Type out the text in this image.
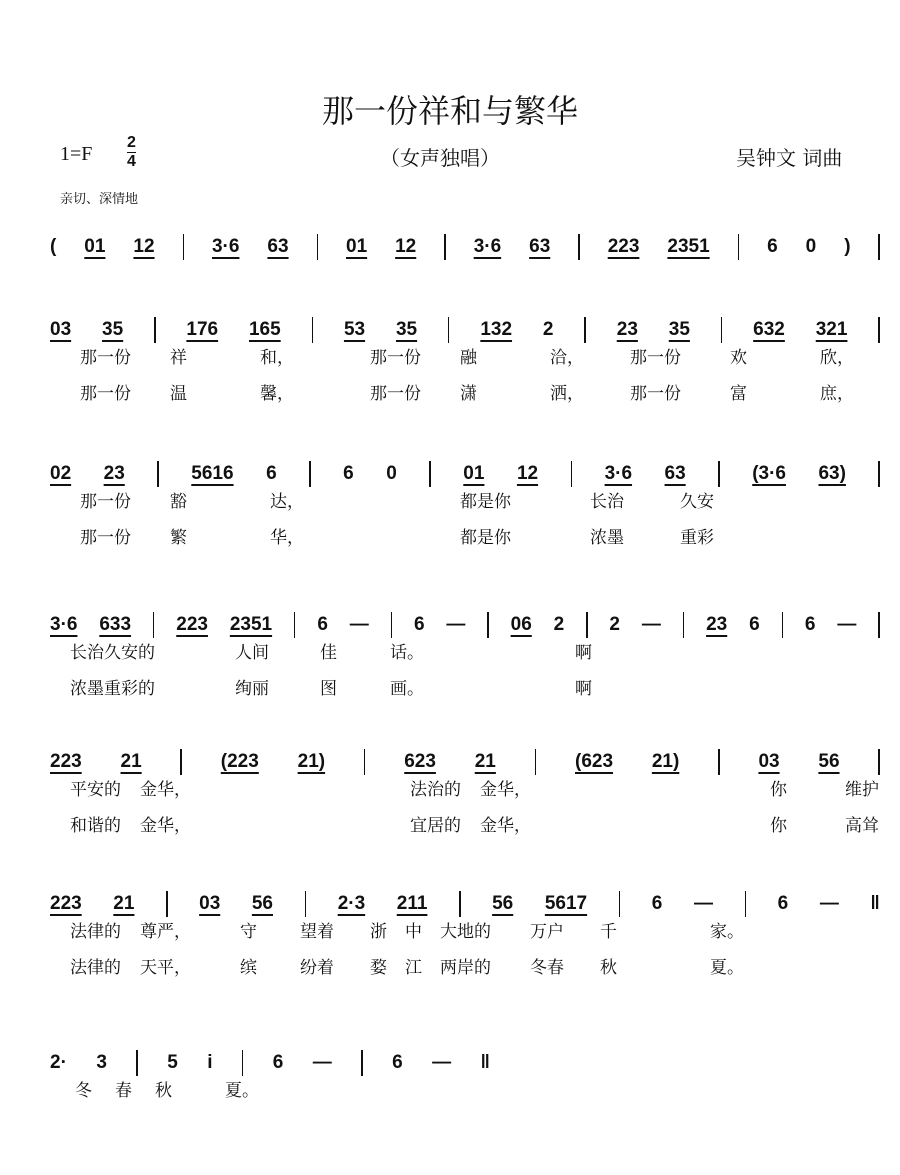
那一份祥和与繁华
1=F
2
4	（女声独唱）	吴钟文 词曲
亲切、深情地
( 01 12	3·6 63	01 12	3·6 63	223 2351	6 0 )
03 35	176 165	53 35	132 2	23 35	632 321
那一份 祥	和，	那一份 融	洽，	那一份	欢	欣，
那一份 温	馨，	那一份 潇	洒，	那一份	富	庶，
02 23	5616 6	6 0	01 12	3·6 63	(3·6 63)
那一份 豁	达，	都是你	长治	久安
那一份 繁	华，	都是你	浓墨	重彩
3·6 633 223 2351 6 — 6 — 06 2 2 — 23 6 6 —
长治久安的	人间	佳	话。	啊
浓墨重彩的	绚丽	图	画。	啊
223 21	(223 21)	623 21	(623 21)	03 56
平安的 金华，	法治的 金华，	你	维护
和谐的 金华，	宜居的 金华，	你	高耸
223 21	03 56	2·3 211	56 5617	6 —	6 — ‖
法律的 尊严，	守	望着 浙 中 大地的 万户 千	家。
法律的 天平，	缤	纷着 婺 江 两岸的 冬春 秋	夏。
2· 3	5 i	6 —	6 — ‖
冬 春 秋	夏。
